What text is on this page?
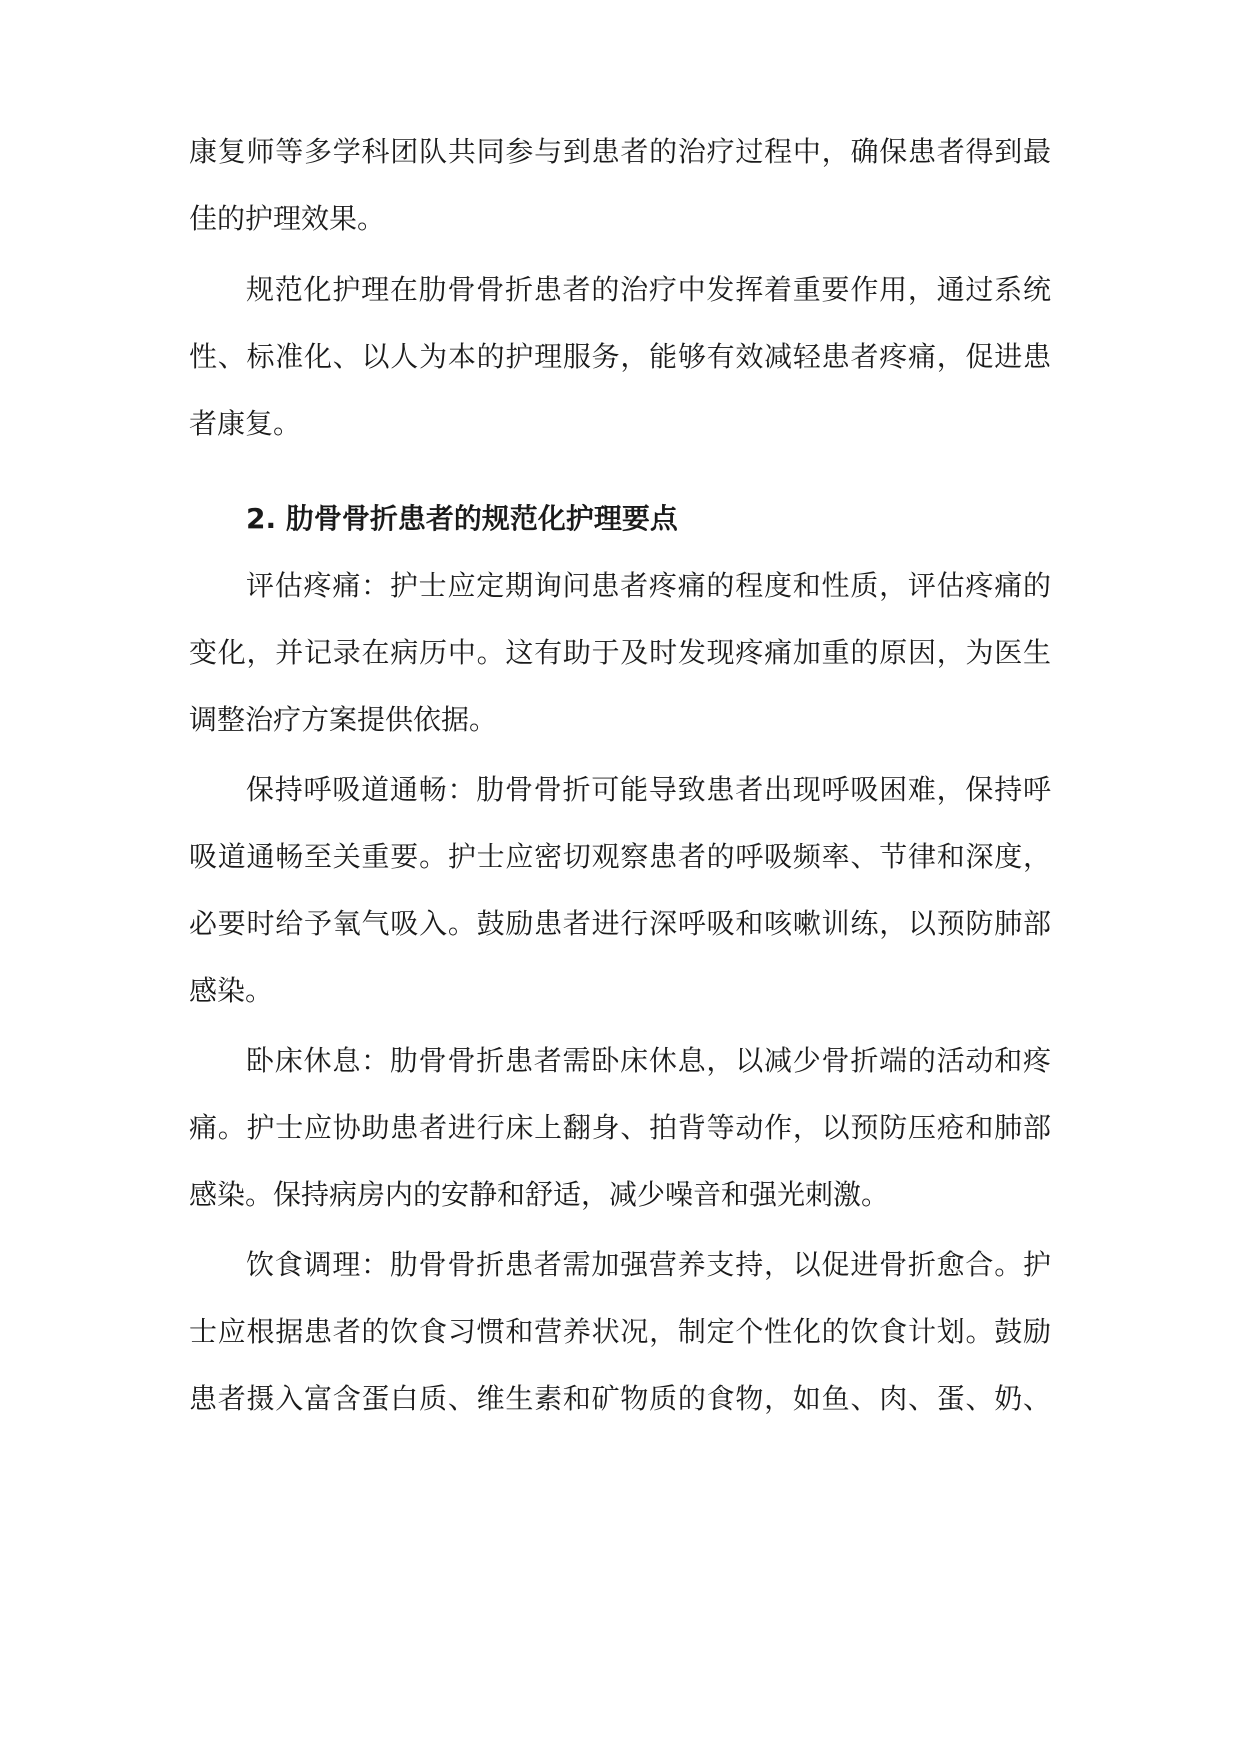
康复师等多学科团队共同参与到患者的治疗过程中，确保患者得到最

佳的护理效果。

规范化护理在肋骨骨折患者的治疗中发挥着重要作用，通过系统

性、标准化、以人为本的护理服务，能够有效减轻患者疼痛，促进患

者康复。

2. 肋骨骨折患者的规范化护理要点

评估疼痛：护士应定期询问患者疼痛的程度和性质，评估疼痛的

变化，并记录在病历中。这有助于及时发现疼痛加重的原因，为医生

调整治疗方案提供依据。

保持呼吸道通畅：肋骨骨折可能导致患者出现呼吸困难，保持呼

吸道通畅至关重要。护士应密切观察患者的呼吸频率、节律和深度，

必要时给予氧气吸入。鼓励患者进行深呼吸和咳嗽训练，以预防肺部

感染。

卧床休息：肋骨骨折患者需卧床休息，以减少骨折端的活动和疼

痛。护士应协助患者进行床上翻身、拍背等动作，以预防压疮和肺部

感染。保持病房内的安静和舒适，减少噪音和强光刺激。

饮食调理：肋骨骨折患者需加强营养支持，以促进骨折愈合。护

士应根据患者的饮食习惯和营养状况，制定个性化的饮食计划。鼓励

患者摄入富含蛋白质、维生素和矿物质的食物，如鱼、肉、蛋、奶、
